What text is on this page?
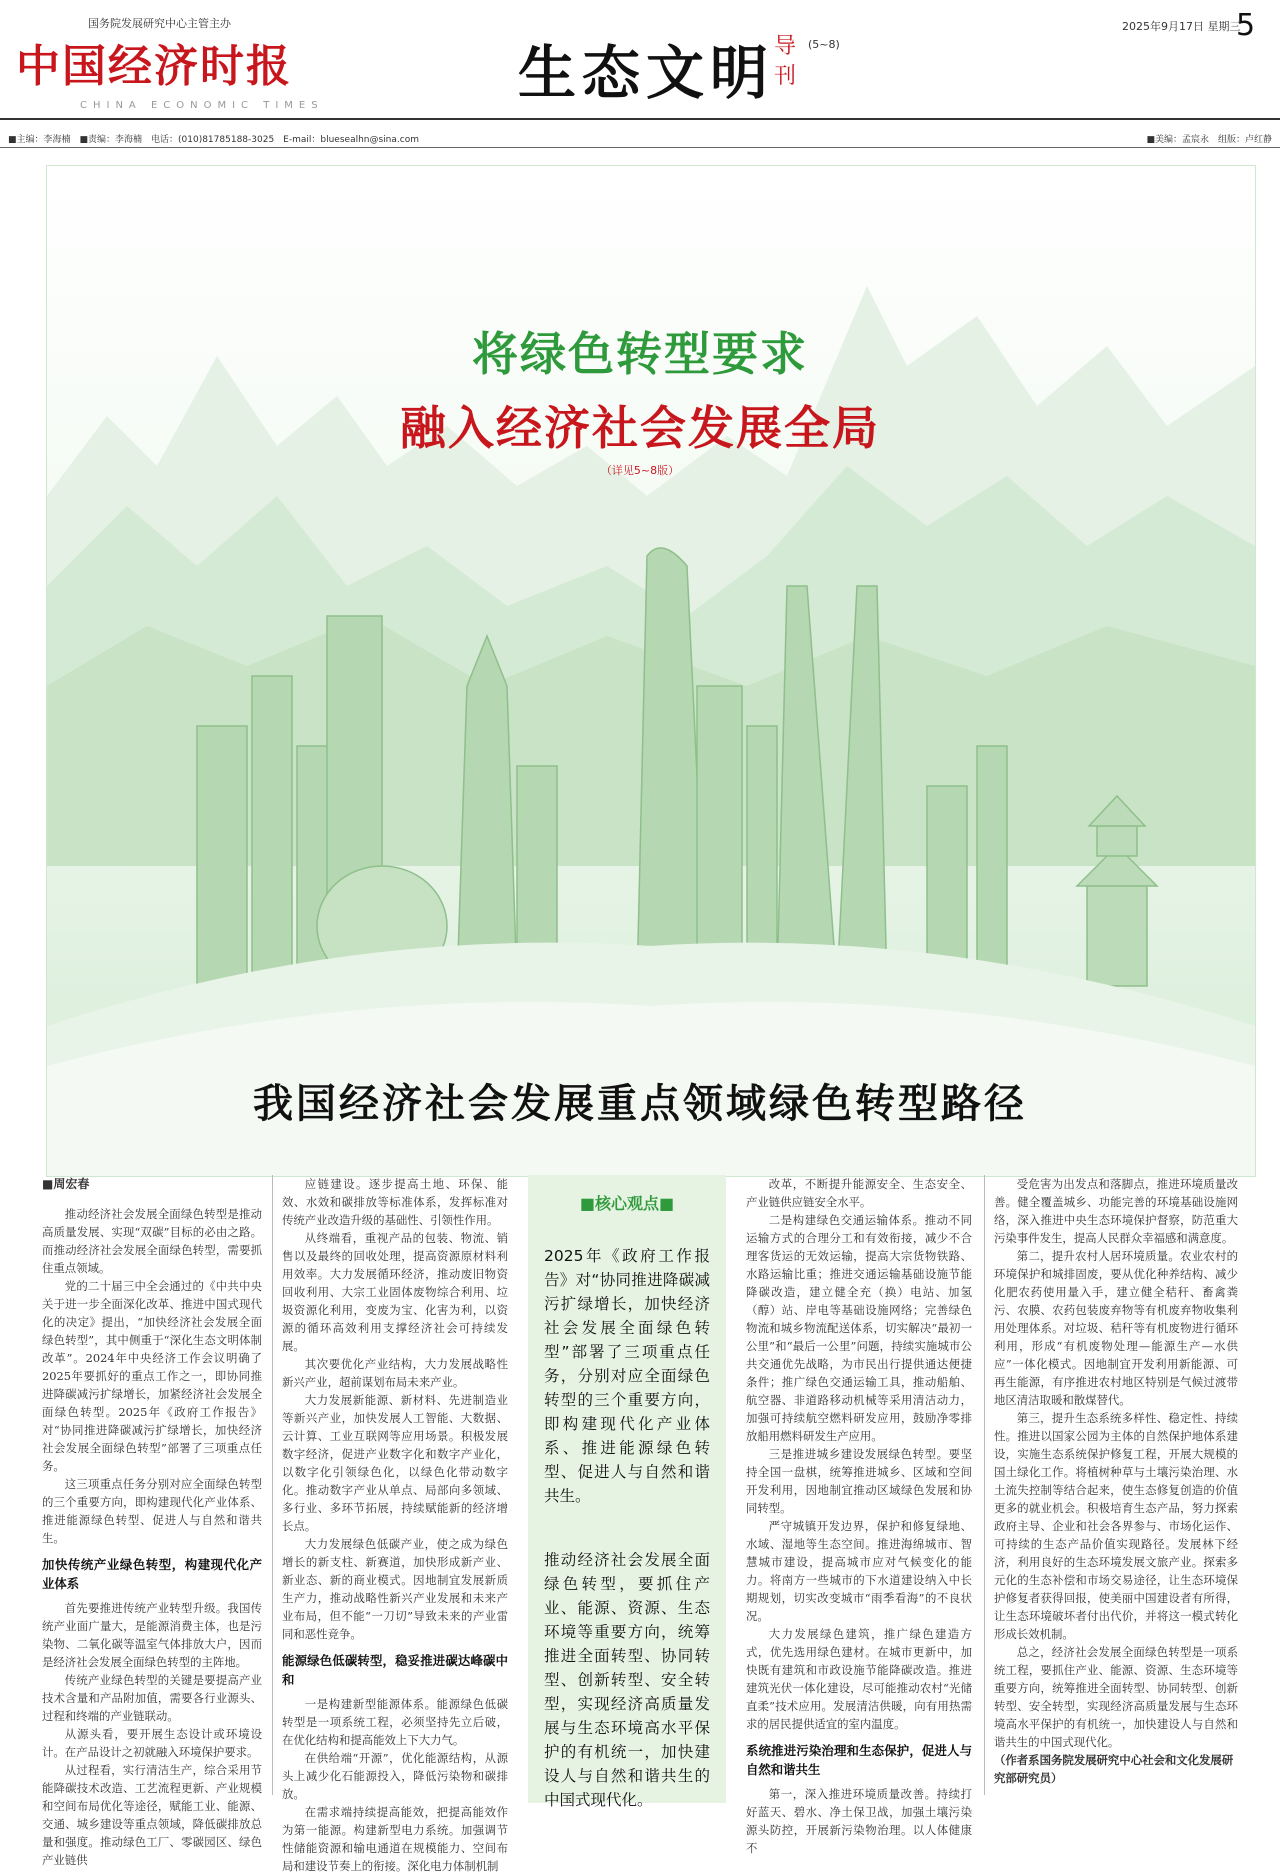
国务院发展研究中心主管主办
中国经济时报
CHINA ECONOMIC TIMES	生态文明 导刊
(5~8)
2025年9月17日 星期三
5
■主编：李海楠　■责编：李海楠　电话：(010)81785188-3025　E-mail：bluesealhn@sina.com	■美编：孟宸永　组版：卢红静
将绿色转型要求
融入经济社会发展全局
（详见5~8版）
我国经济社会发展重点领域绿色转型路径

■周宏春

推动经济社会发展全面绿色转型是推动高质量发展、实现“双碳”目标的必由之路。而推动经济社会发展全面绿色转型，需要抓住重点领域。

党的二十届三中全会通过的《中共中央关于进一步全面深化改革、推进中国式现代化的决定》提出，“加快经济社会发展全面绿色转型”，其中侧重于“深化生态文明体制改革”。2024年中央经济工作会议明确了2025年要抓好的重点工作之一，即协同推进降碳减污扩绿增长，加紧经济社会发展全面绿色转型。2025年《政府工作报告》对“协同推进降碳减污扩绿增长，加快经济社会发展全面绿色转型”部署了三项重点任务。

这三项重点任务分别对应全面绿色转型的三个重要方向，即构建现代化产业体系、推进能源绿色转型、促进人与自然和谐共生。

加快传统产业绿色转型，构建现代化产业体系

首先要推进传统产业转型升级。我国传统产业面广量大，是能源消费主体，也是污染物、二氧化碳等温室气体排放大户，因而是经济社会发展全面绿色转型的主阵地。

传统产业绿色转型的关键是要提高产业技术含量和产品附加值，需要各行业源头、过程和终端的产业链联动。

从源头看，要开展生态设计或环境设计。在产品设计之初就融入环境保护要求。

从过程看，实行清洁生产，综合采用节能降碳技术改造、工艺流程更新、产业规模和空间布局优化等途径，赋能工业、能源、交通、城乡建设等重点领域，降低碳排放总量和强度。推动绿色工厂、零碳园区、绿色产业链供

应链建设。逐步提高土地、环保、能效、水效和碳排放等标准体系，发挥标准对传统产业改造升级的基础性、引领性作用。

从终端看，重视产品的包装、物流、销售以及最终的回收处理，提高资源原材料利用效率。大力发展循环经济，推动废旧物资回收利用、大宗工业固体废物综合利用、垃圾资源化利用，变废为宝、化害为利，以资源的循环高效利用支撑经济社会可持续发展。

其次要优化产业结构，大力发展战略性新兴产业，超前谋划布局未来产业。

大力发展新能源、新材料、先进制造业等新兴产业，加快发展人工智能、大数据、云计算、工业互联网等应用场景。积极发展数字经济，促进产业数字化和数字产业化，以数字化引领绿色化，以绿色化带动数字化。推动数字产业从单点、局部向多领域、多行业、多环节拓展，持续赋能新的经济增长点。

大力发展绿色低碳产业，使之成为绿色增长的新支柱、新赛道，加快形成新产业、新业态、新的商业模式。因地制宜发展新质生产力，推动战略性新兴产业发展和未来产业布局，但不能“一刀切”导致未来的产业雷同和恶性竞争。

能源绿色低碳转型，稳妥推进碳达峰碳中和

一是构建新型能源体系。能源绿色低碳转型是一项系统工程，必须坚持先立后破，在优化结构和提高能效上下大力气。

在供给端“开源”，优化能源结构，从源头上减少化石能源投入，降低污染物和碳排放。

在需求端持续提高能效，把提高能效作为第一能源。构建新型电力系统。加强调节性储能资源和输电通道在规模能力、空间布局和建设节奏上的衔接。深化电力体制机制

■核心观点■

2025年《政府工作报告》对“协同推进降碳减污扩绿增长，加快经济社会发展全面绿色转型”部署了三项重点任务，分别对应全面绿色转型的三个重要方向，即构建现代化产业体系、推进能源绿色转型、促进人与自然和谐共生。

推动经济社会发展全面绿色转型，要抓住产业、能源、资源、生态环境等重要方向，统筹推进全面转型、协同转型、创新转型、安全转型，实现经济高质量发展与生态环境高水平保护的有机统一，加快建设人与自然和谐共生的中国式现代化。

改革，不断提升能源安全、生态安全、产业链供应链安全水平。

二是构建绿色交通运输体系。推动不同运输方式的合理分工和有效衔接，减少不合理客货运的无效运输，提高大宗货物铁路、水路运输比重；推进交通运输基础设施节能降碳改造，建立健全充（换）电站、加氢（醇）站、岸电等基础设施网络；完善绿色物流和城乡物流配送体系，切实解决“最初一公里”和“最后一公里”问题，持续实施城市公共交通优先战略，为市民出行提供通达便捷条件；推广绿色交通运输工具，推动船舶、航空器、非道路移动机械等采用清洁动力，加强可持续航空燃料研发应用，鼓励净零排放船用燃料研发生产应用。

三是推进城乡建设发展绿色转型。要坚持全国一盘棋，统筹推进城乡、区域和空间开发利用，因地制宜推动区域绿色发展和协同转型。

严守城镇开发边界，保护和修复绿地、水域、湿地等生态空间。推进海绵城市、智慧城市建设，提高城市应对气候变化的能力。将南方一些城市的下水道建设纳入中长期规划，切实改变城市“雨季看海”的不良状况。

大力发展绿色建筑，推广绿色建造方式，优先选用绿色建材。在城市更新中，加快既有建筑和市政设施节能降碳改造。推进建筑光伏一体化建设，尽可能推动农村“光储直柔”技术应用。发展清洁供暖，向有用热需求的居民提供适宜的室内温度。

系统推进污染治理和生态保护，促进人与自然和谐共生

第一，深入推进环境质量改善。持续打好蓝天、碧水、净土保卫战，加强土壤污染源头防控，开展新污染物治理。以人体健康不

受危害为出发点和落脚点，推进环境质量改善。健全覆盖城乡、功能完善的环境基础设施网络，深入推进中央生态环境保护督察，防范重大污染事件发生，提高人民群众幸福感和满意度。

第二，提升农村人居环境质量。农业农村的环境保护和城排固废，要从优化种养结构、减少化肥农药使用量入手，建立健全秸秆、畜禽粪污、农膜、农药包装废弃物等有机废弃物收集利用处理体系。对垃圾、秸秆等有机废物进行循环利用，形成“有机废物处理—能源生产—水供应”一体化模式。因地制宜开发利用新能源、可再生能源，有序推进农村地区特别是气候过渡带地区清洁取暖和散煤替代。

第三，提升生态系统多样性、稳定性、持续性。推进以国家公园为主体的自然保护地体系建设，实施生态系统保护修复工程，开展大规模的国土绿化工作。将植树种草与土壤污染治理、水土流失控制等结合起来，使生态修复创造的价值更多的就业机会。积极培育生态产品，努力探索政府主导、企业和社会各界参与、市场化运作、可持续的生态产品价值实现路径。发展林下经济，利用良好的生态环境发展文旅产业。探索多元化的生态补偿和市场交易途径，让生态环境保护修复者获得回报，使美丽中国建设者有所得，让生态环境破坏者付出代价，并将这一模式转化形成长效机制。

总之，经济社会发展全面绿色转型是一项系统工程，要抓住产业、能源、资源、生态环境等重要方向，统筹推进全面转型、协同转型、创新转型、安全转型，实现经济高质量发展与生态环境高水平保护的有机统一，加快建设人与自然和谐共生的中国式现代化。

（作者系国务院发展研究中心社会和文化发展研究部研究员）
